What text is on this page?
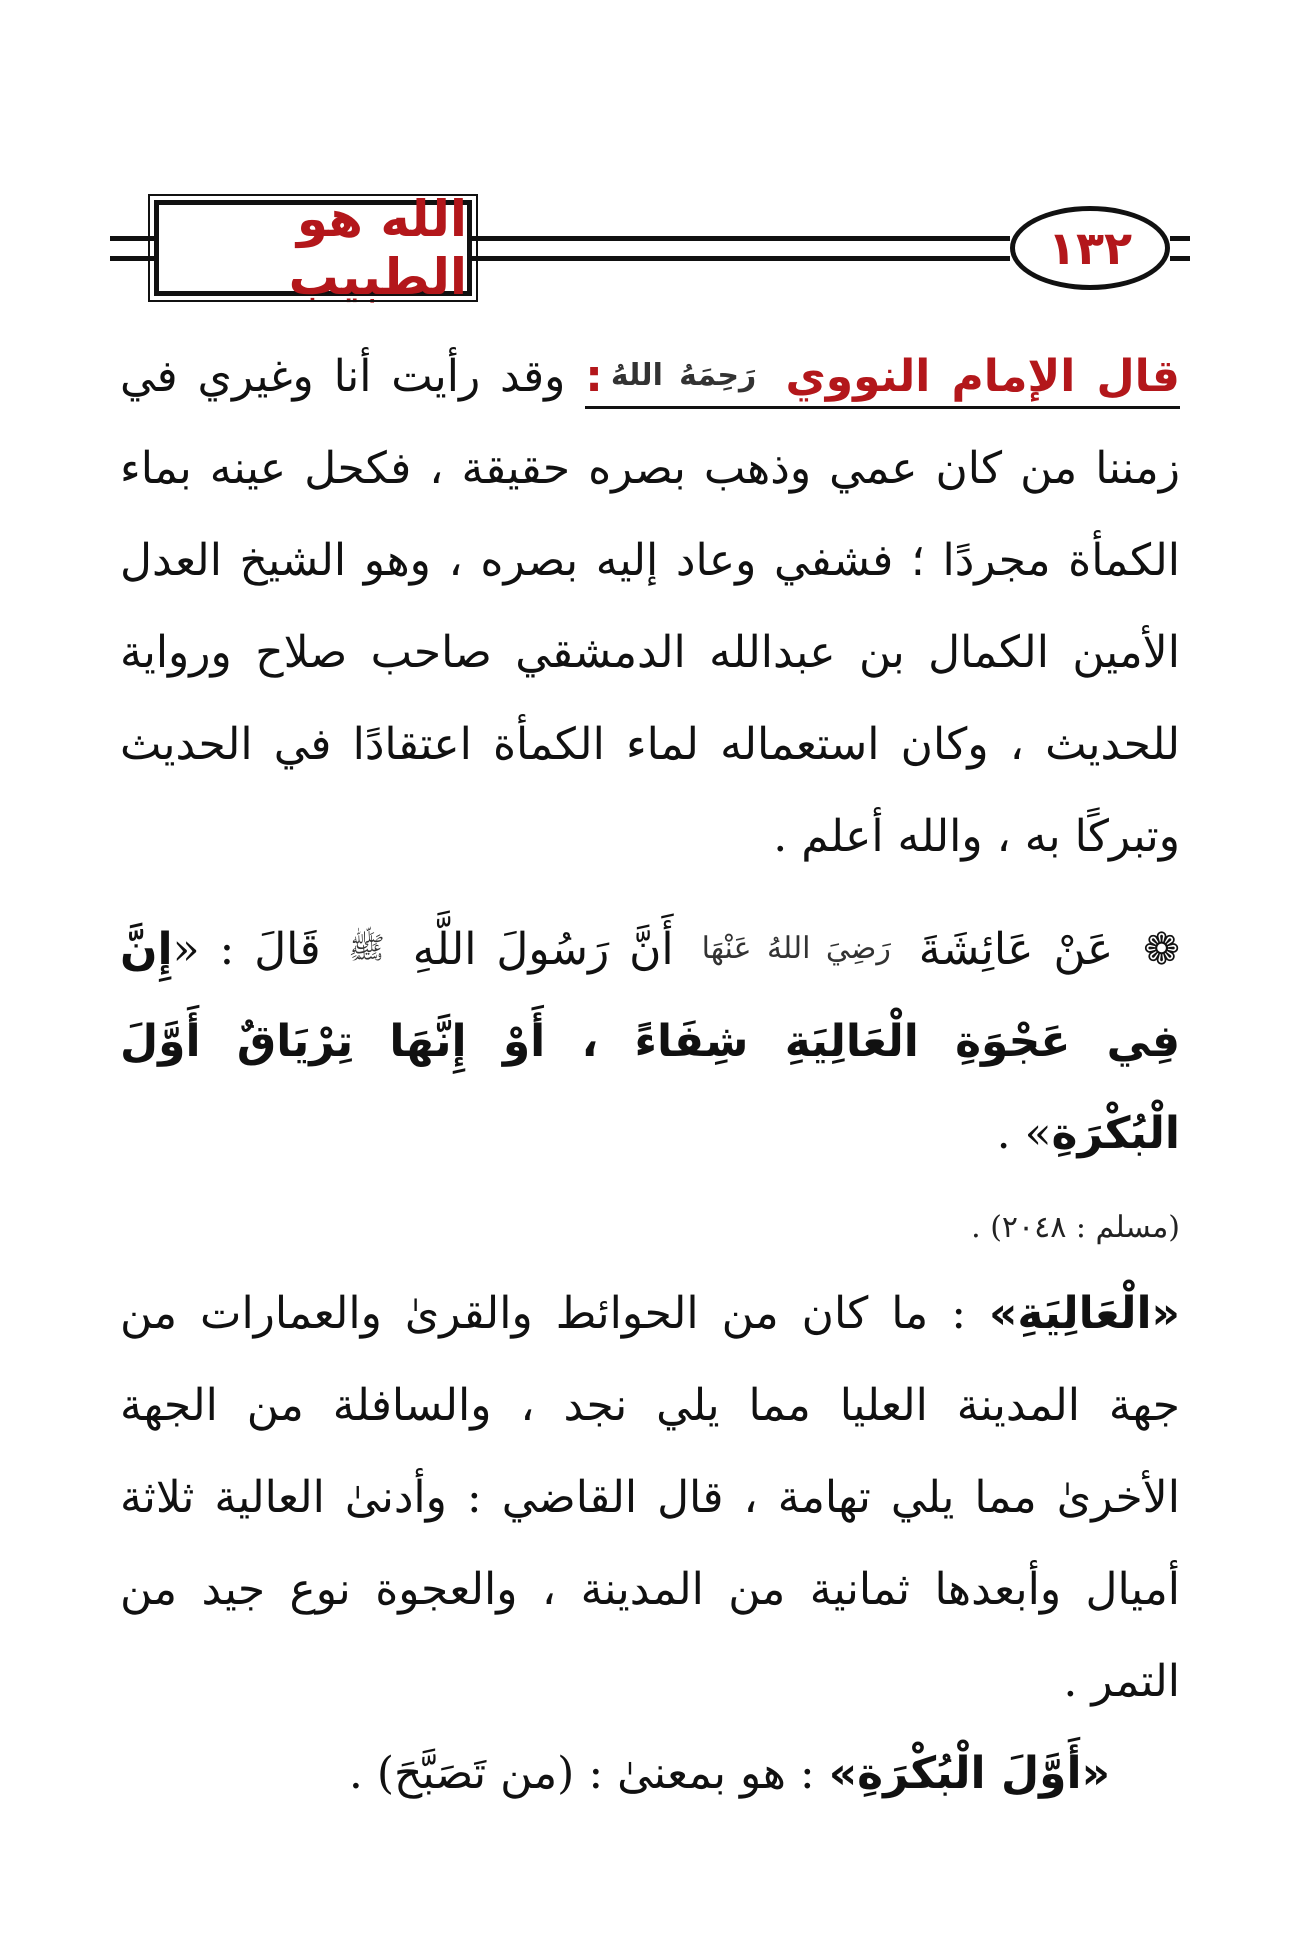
الله هو الطبيب	١٣٢

قال الإمام النووي رَحِمَهُ اللهُ: وقد رأيت أنا وغيري في زمننا من كان عمي وذهب بصره حقيقة ، فكحل عينه بماء الكمأة مجردًا ؛ فشفي وعاد إليه بصره ، وهو الشيخ العدل الأمين الكمال بن عبدالله الدمشقي صاحب صلاح ورواية للحديث ، وكان استعماله لماء الكمأة اعتقادًا في الحديث وتبركًا به ، والله أعلم .

❁ عَنْ عَائِشَةَ رَضِيَ اللهُ عَنْهَا أَنَّ رَسُولَ اللَّهِ ﷺ قَالَ : «إِنَّ فِي عَجْوَةِ الْعَالِيَةِ شِفَاءً ، أَوْ إِنَّهَا تِرْيَاقٌ أَوَّلَ الْبُكْرَةِ» .

(مسلم : ٢٠٤٨) .

«الْعَالِيَةِ» : ما كان من الحوائط والقرىٰ والعمارات من جهة المدينة العليا مما يلي نجد ، والسافلة من الجهة الأخرىٰ مما يلي تهامة ، قال القاضي : وأدنىٰ العالية ثلاثة أميال وأبعدها ثمانية من المدينة ، والعجوة نوع جيد من التمر .

«أَوَّلَ الْبُكْرَةِ» : هو بمعنىٰ : (من تَصَبَّحَ) .
